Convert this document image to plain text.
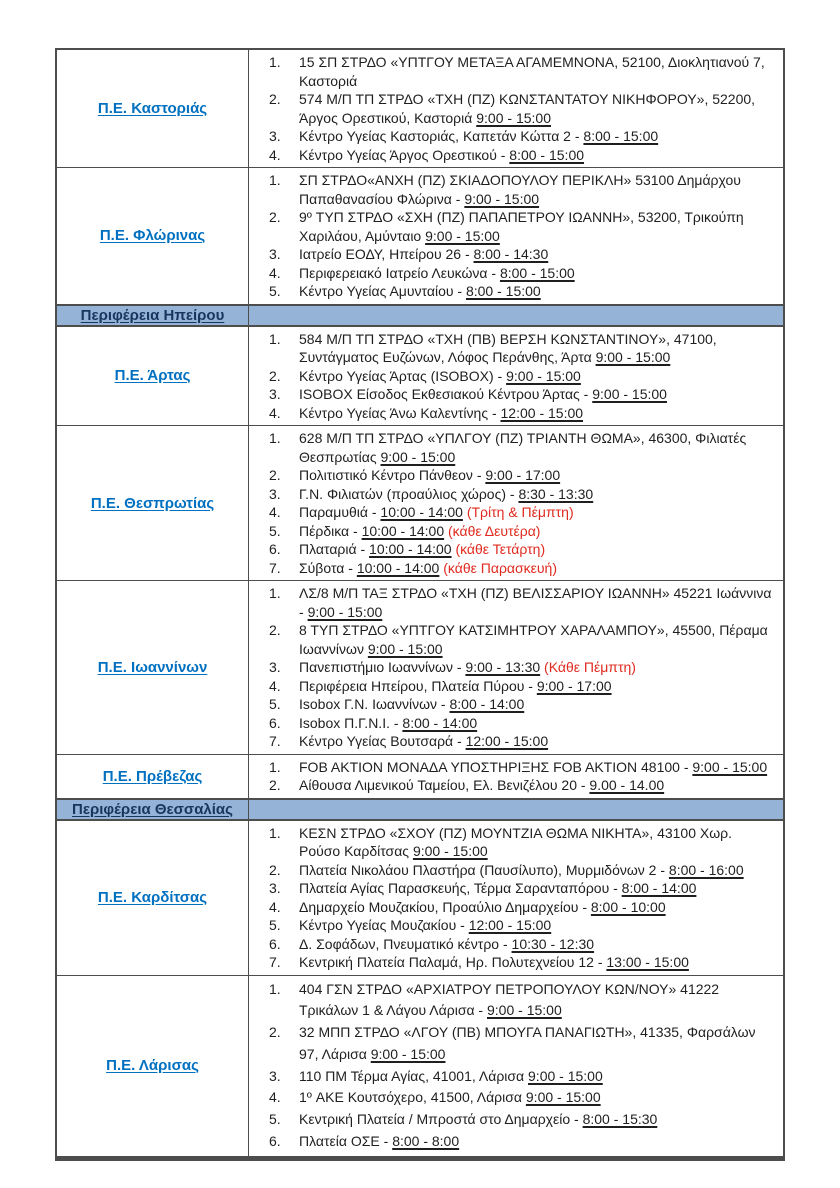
Π.Ε. Καστοριάς
1.	15 ΣΠ ΣΤΡΔΟ «ΥΠΤΓΟΥ ΜΕΤΑΞΑ ΑΓΑΜΕΜΝΟΝΑ, 52100, Διοκλητιανού 7, Καστοριά
2.	574 Μ/Π ΤΠ ΣΤΡΔΟ «ΤΧΗ (ΠΖ) ΚΩΝΣΤΑΝΤΑΤΟΥ ΝΙΚΗΦΟΡΟΥ», 52200, Άργος Ορεστικού, Καστοριά 9:00 - 15:00
3.	Κέντρο Υγείας Καστοριάς, Καπετάν Κώττα 2 - 8:00 - 15:00
4.	Κέντρο Υγείας Άργος Ορεστικού - 8:00 - 15:00
Π.Ε. Φλώρινας
1.	ΣΠ ΣΤΡΔΟ«ΑΝΧΗ (ΠΖ) ΣΚΙΑΔΟΠΟΥΛΟΥ ΠΕΡΙΚΛΗ» 53100 Δημάρχου Παπαθανασίου Φλώρινα - 9:00 - 15:00
2.	9º ΤΥΠ ΣΤΡΔΟ «ΣΧΗ (ΠΖ) ΠΑΠΑΠΕΤΡΟΥ ΙΩΑΝΝΗ», 53200, Τρικούπη Χαριλάου, Αμύνταιο 9:00 - 15:00
3.	Ιατρείο ΕΟΔΥ, Ηπείρου 26 - 8:00 - 14:30
4.	Περιφερειακό Ιατρείο Λευκώνα - 8:00 - 15:00
5.	Κέντρο Υγείας Αμυνταίου - 8:00 - 15:00
Περιφέρεια Ηπείρου
Π.Ε. Άρτας
1.	584 Μ/Π ΤΠ ΣΤΡΔΟ «ΤΧΗ (ΠΒ) ΒΕΡΣΗ ΚΩΝΣΤΑΝΤΙΝΟΥ», 47100, Συντάγματος Ευζώνων, Λόφος Περάνθης, Άρτα 9:00 - 15:00
2.	Κέντρο Υγείας Άρτας (ISOBOX) - 9:00 - 15:00
3.	ISOBOX Είσοδος Εκθεσιακού Κέντρου Άρτας - 9:00 - 15:00
4.	Κέντρο Υγείας Άνω Καλεντίνης - 12:00 - 15:00
Π.Ε. Θεσπρωτίας
1.	628 Μ/Π ΤΠ ΣΤΡΔΟ «ΥΠΛΓΟΥ (ΠΖ) ΤΡΙΑΝΤΗ ΘΩΜΑ», 46300, Φιλιατές Θεσπρωτίας 9:00 - 15:00
2.	Πολιτιστικό Κέντρο Πάνθεον - 9:00 - 17:00
3.	Γ.Ν. Φιλιατών (προαύλιος χώρος) - 8:30 - 13:30
4.	Παραμυθιά - 10:00 - 14:00 (Τρίτη & Πέμπτη)
5.	Πέρδικα - 10:00 - 14:00 (κάθε Δευτέρα)
6.	Πλαταριά - 10:00 - 14:00 (κάθε Τετάρτη)
7.	Σύβοτα - 10:00 - 14:00 (κάθε Παρασκευή)
Π.Ε. Ιωαννίνων
1.	ΛΣ/8 Μ/Π ΤΑΞ ΣΤΡΔΟ «ΤΧΗ (ΠΖ) ΒΕΛΙΣΣΑΡΙΟΥ ΙΩΑΝΝΗ» 45221 Ιωάννινα - 9:00 - 15:00
2.	8 ΤΥΠ ΣΤΡΔΟ «ΥΠΤΓΟΥ ΚΑΤΣΙΜΗΤΡΟΥ ΧΑΡΑΛΑΜΠΟΥ», 45500, Πέραμα Ιωαννίνων 9:00 - 15:00
3.	Πανεπιστήμιο Ιωαννίνων - 9:00 - 13:30 (Κάθε Πέμπτη)
4.	Περιφέρεια Ηπείρου, Πλατεία Πύρου - 9:00 - 17:00
5.	Isobox Γ.Ν. Ιωαννίνων - 8:00 - 14:00
6.	Isobox Π.Γ.Ν.Ι. - 8:00 - 14:00
7.	Κέντρο Υγείας Βουτσαρά - 12:00 - 15:00
Π.Ε. Πρέβεζας
1.	FOB AKTION ΜΟΝΑΔΑ ΥΠΟΣΤΗΡΙΞΗΣ FOB AKTION 48100 - 9:00 - 15:00
2.	Αίθουσα Λιμενικού Ταμείου, Ελ. Βενιζέλου 20 - 9.00 - 14.00
Περιφέρεια Θεσσαλίας
Π.Ε. Καρδίτσας
1.	ΚΕΣΝ ΣΤΡΔΟ «ΣΧΟΥ (ΠΖ) ΜΟΥΝΤΖΙΑ ΘΩΜΑ ΝΙΚΗΤΑ», 43100 Χωρ. Ρούσο Καρδίτσας 9:00 - 15:00
2.	Πλατεία Νικολάου Πλαστήρα (Παυσίλυπο), Μυρμιδόνων 2 - 8:00 - 16:00
3.	Πλατεία Αγίας Παρασκευής, Τέρμα Σαρανταπόρου - 8:00 - 14:00
4.	Δημαρχείο Μουζακίου, Προαύλιο Δημαρχείου - 8:00 - 10:00
5.	Κέντρο Υγείας Μουζακίου - 12:00 - 15:00
6.	Δ. Σοφάδων, Πνευματικό κέντρο - 10:30 - 12:30
7.	Κεντρική Πλατεία Παλαμά, Ηρ. Πολυτεχνείου 12 - 13:00 - 15:00
Π.Ε. Λάρισας
1.	404 ΓΣΝ ΣΤΡΔΟ «ΑΡΧΙΑΤΡΟΥ ΠΕΤΡΟΠΟΥΛΟΥ ΚΩΝ/ΝΟΥ» 41222 Τρικάλων 1 & Λάγου Λάρισα - 9:00 - 15:00
2.	32 ΜΠΠ ΣΤΡΔΟ «ΛΓΟΥ (ΠΒ) ΜΠΟΥΓΑ ΠΑΝΑΓΙΩΤΗ», 41335, Φαρσάλων 97, Λάρισα 9:00 - 15:00
3.	110 ΠΜ Τέρμα Αγίας, 41001, Λάρισα 9:00 - 15:00
4.	1º ΑΚΕ Κουτσόχερο, 41500, Λάρισα 9:00 - 15:00
5.	Κεντρική Πλατεία / Μπροστά στο Δημαρχείο - 8:00 - 15:30
6.	Πλατεία ΟΣΕ - 8:00 - 8:00
